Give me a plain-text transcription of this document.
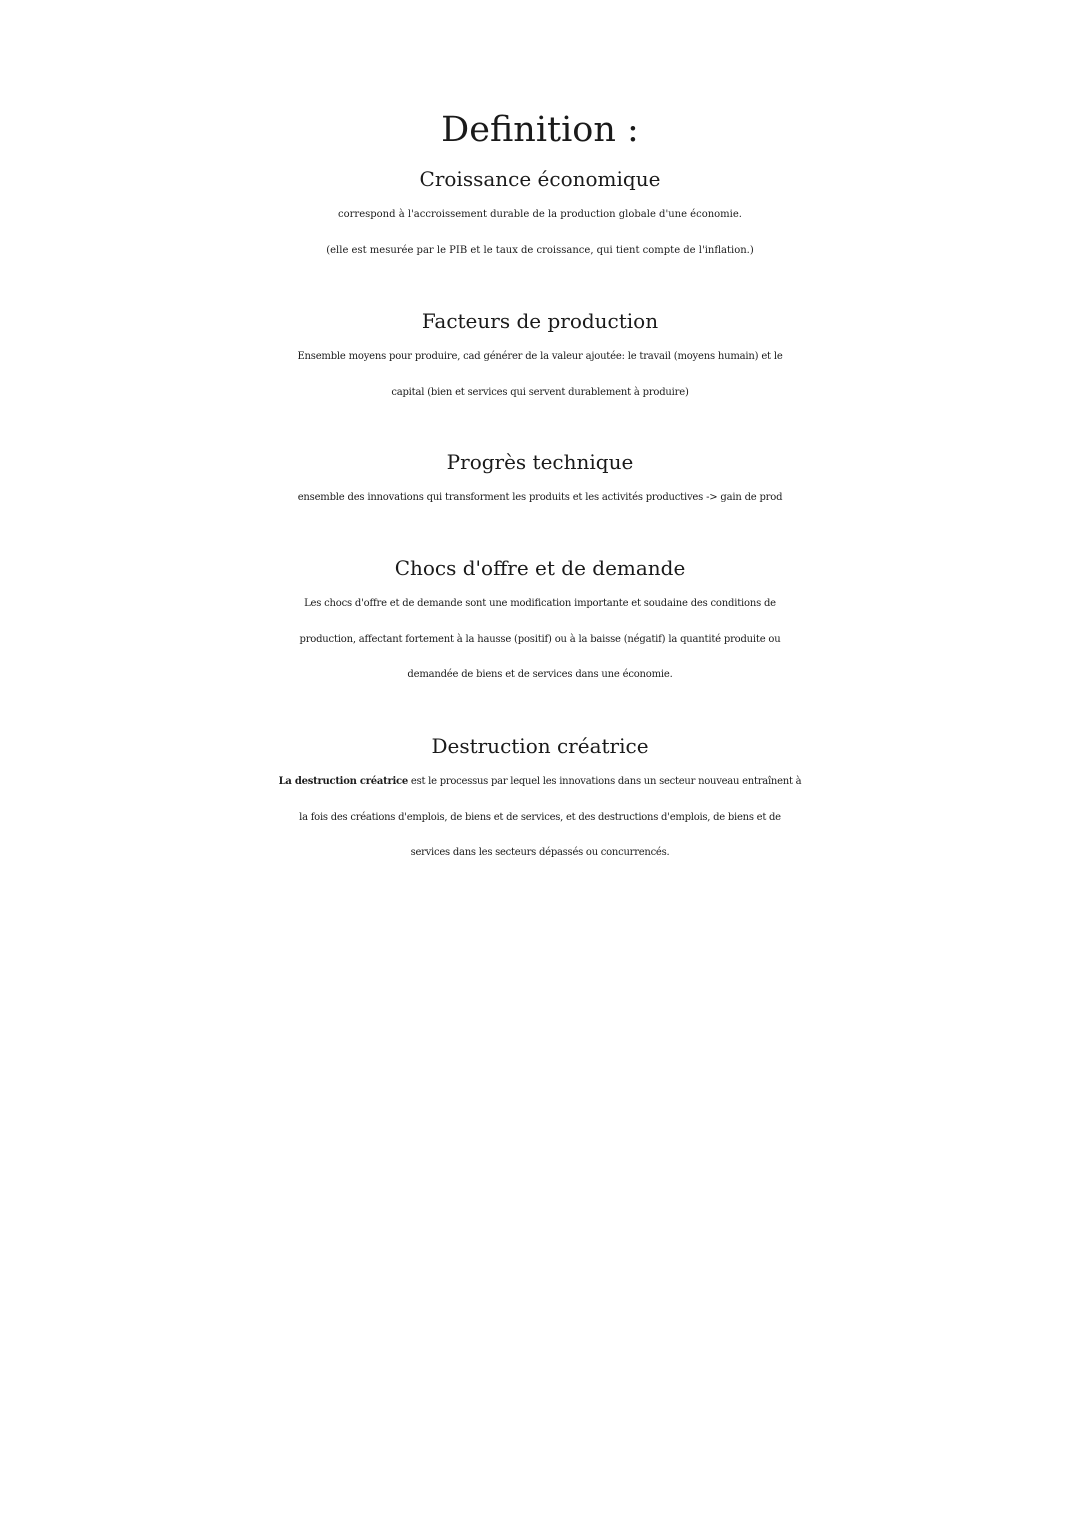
Definition :
Croissance économique
correspond à l'accroissement durable de la production globale d'une économie.
(elle est mesurée par le PIB et le taux de croissance, qui tient compte de l'inflation.)
Facteurs de production
Ensemble moyens pour produire, cad générer de la valeur ajoutée: le travail (moyens humain) et le
capital (bien et services qui servent durablement à produire)
Progrès technique
ensemble des innovations qui transforment les produits et les activités productives -> gain de prod
Chocs d'offre et de demande
Les chocs d'offre et de demande sont une modification importante et soudaine des conditions de
production, affectant fortement à la hausse (positif) ou à la baisse (négatif) la quantité produite ou
demandée de biens et de services dans une économie.
Destruction créatrice
La destruction créatrice est le processus par lequel les innovations dans un secteur nouveau entraînent à
la fois des créations d'emplois, de biens et de services, et des destructions d'emplois, de biens et de
services dans les secteurs dépassés ou concurrencés.
